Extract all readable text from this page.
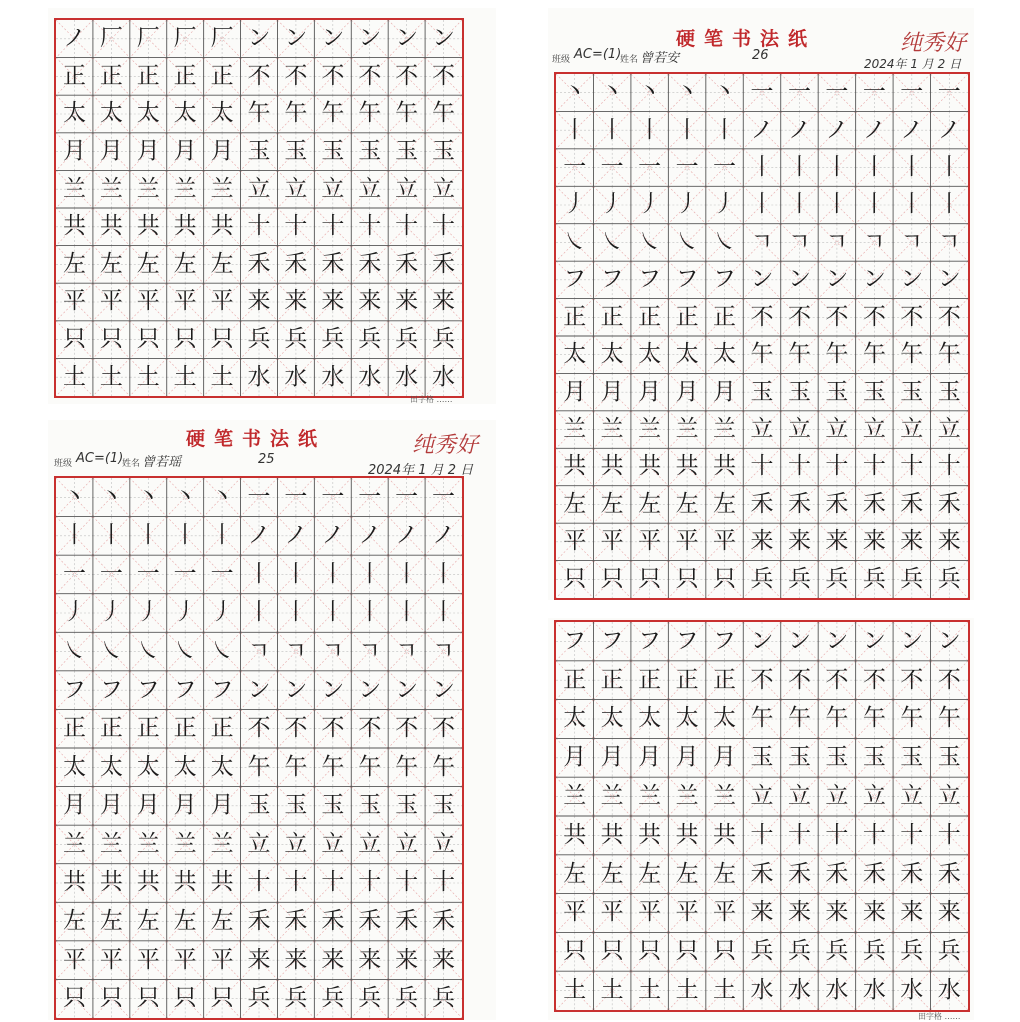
ノ 厂 厂 厂 厂 ン ン ン ン ン ン
正 正 正 正 正 不 不 不 不 不 不
太 太 太 太 太 午 午 午 午 午 午
月 月 月 月 月 玉 玉 玉 玉 玉 玉
兰 兰 兰 兰 兰 立 立 立 立 立 立
共 共 共 共 共 十 十 十 十 十 十
左 左 左 左 左 禾 禾 禾 禾 禾 禾
平 平 平 平 平 来 来 来 来 来 来
只 只 只 只 只 兵 兵 兵 兵 兵 兵
土 土 土 土 土 水 水 水 水 水 水
田字格 ……
硬笔书法纸
班级 AC=(1)
姓名 曾若瑶	25
2024年 1 月 2 日
纯秀好
丶 丶 丶 丶 丶 一 一 一 一 一 一
丨 丨 丨 丨 丨 ノ ノ ノ ノ ノ ノ
一 一 一 一 一 丨 丨 丨 丨 丨 丨
丿 丿 丿 丿 丿 丨 丨 丨 丨 丨 丨
㇏ ㇏ ㇏ ㇏ ㇏ ㄱ ㄱ ㄱ ㄱ ㄱ ㄱ
フ フ フ フ フ ン ン ン ン ン ン
正 正 正 正 正 不 不 不 不 不 不
太 太 太 太 太 午 午 午 午 午 午
月 月 月 月 月 玉 玉 玉 玉 玉 玉
兰 兰 兰 兰 兰 立 立 立 立 立 立
共 共 共 共 共 十 十 十 十 十 十
左 左 左 左 左 禾 禾 禾 禾 禾 禾
平 平 平 平 平 来 来 来 来 来 来
只 只 只 只 只 兵 兵 兵 兵 兵 兵
硬笔书法纸
班级 AC=(1)
姓名 曾若安	26
2024年 1 月 2 日
纯秀好
丶 丶 丶 丶 丶 一 一 一 一 一 一
丨 丨 丨 丨 丨 ノ ノ ノ ノ ノ ノ
一 一 一 一 一 丨 丨 丨 丨 丨 丨
丿 丿 丿 丿 丿 丨 丨 丨 丨 丨 丨
㇏ ㇏ ㇏ ㇏ ㇏ ㄱ ㄱ ㄱ ㄱ ㄱ ㄱ
フ フ フ フ フ ン ン ン ン ン ン
正 正 正 正 正 不 不 不 不 不 不
太 太 太 太 太 午 午 午 午 午 午
月 月 月 月 月 玉 玉 玉 玉 玉 玉
兰 兰 兰 兰 兰 立 立 立 立 立 立
共 共 共 共 共 十 十 十 十 十 十
左 左 左 左 左 禾 禾 禾 禾 禾 禾
平 平 平 平 平 来 来 来 来 来 来
只 只 只 只 只 兵 兵 兵 兵 兵 兵
フ フ フ フ フ ン ン ン ン ン ン
正 正 正 正 正 不 不 不 不 不 不
太 太 太 太 太 午 午 午 午 午 午
月 月 月 月 月 玉 玉 玉 玉 玉 玉
兰 兰 兰 兰 兰 立 立 立 立 立 立
共 共 共 共 共 十 十 十 十 十 十
左 左 左 左 左 禾 禾 禾 禾 禾 禾
平 平 平 平 平 来 来 来 来 来 来
只 只 只 只 只 兵 兵 兵 兵 兵 兵
土 土 土 土 土 水 水 水 水 水 水
田字格 ……
